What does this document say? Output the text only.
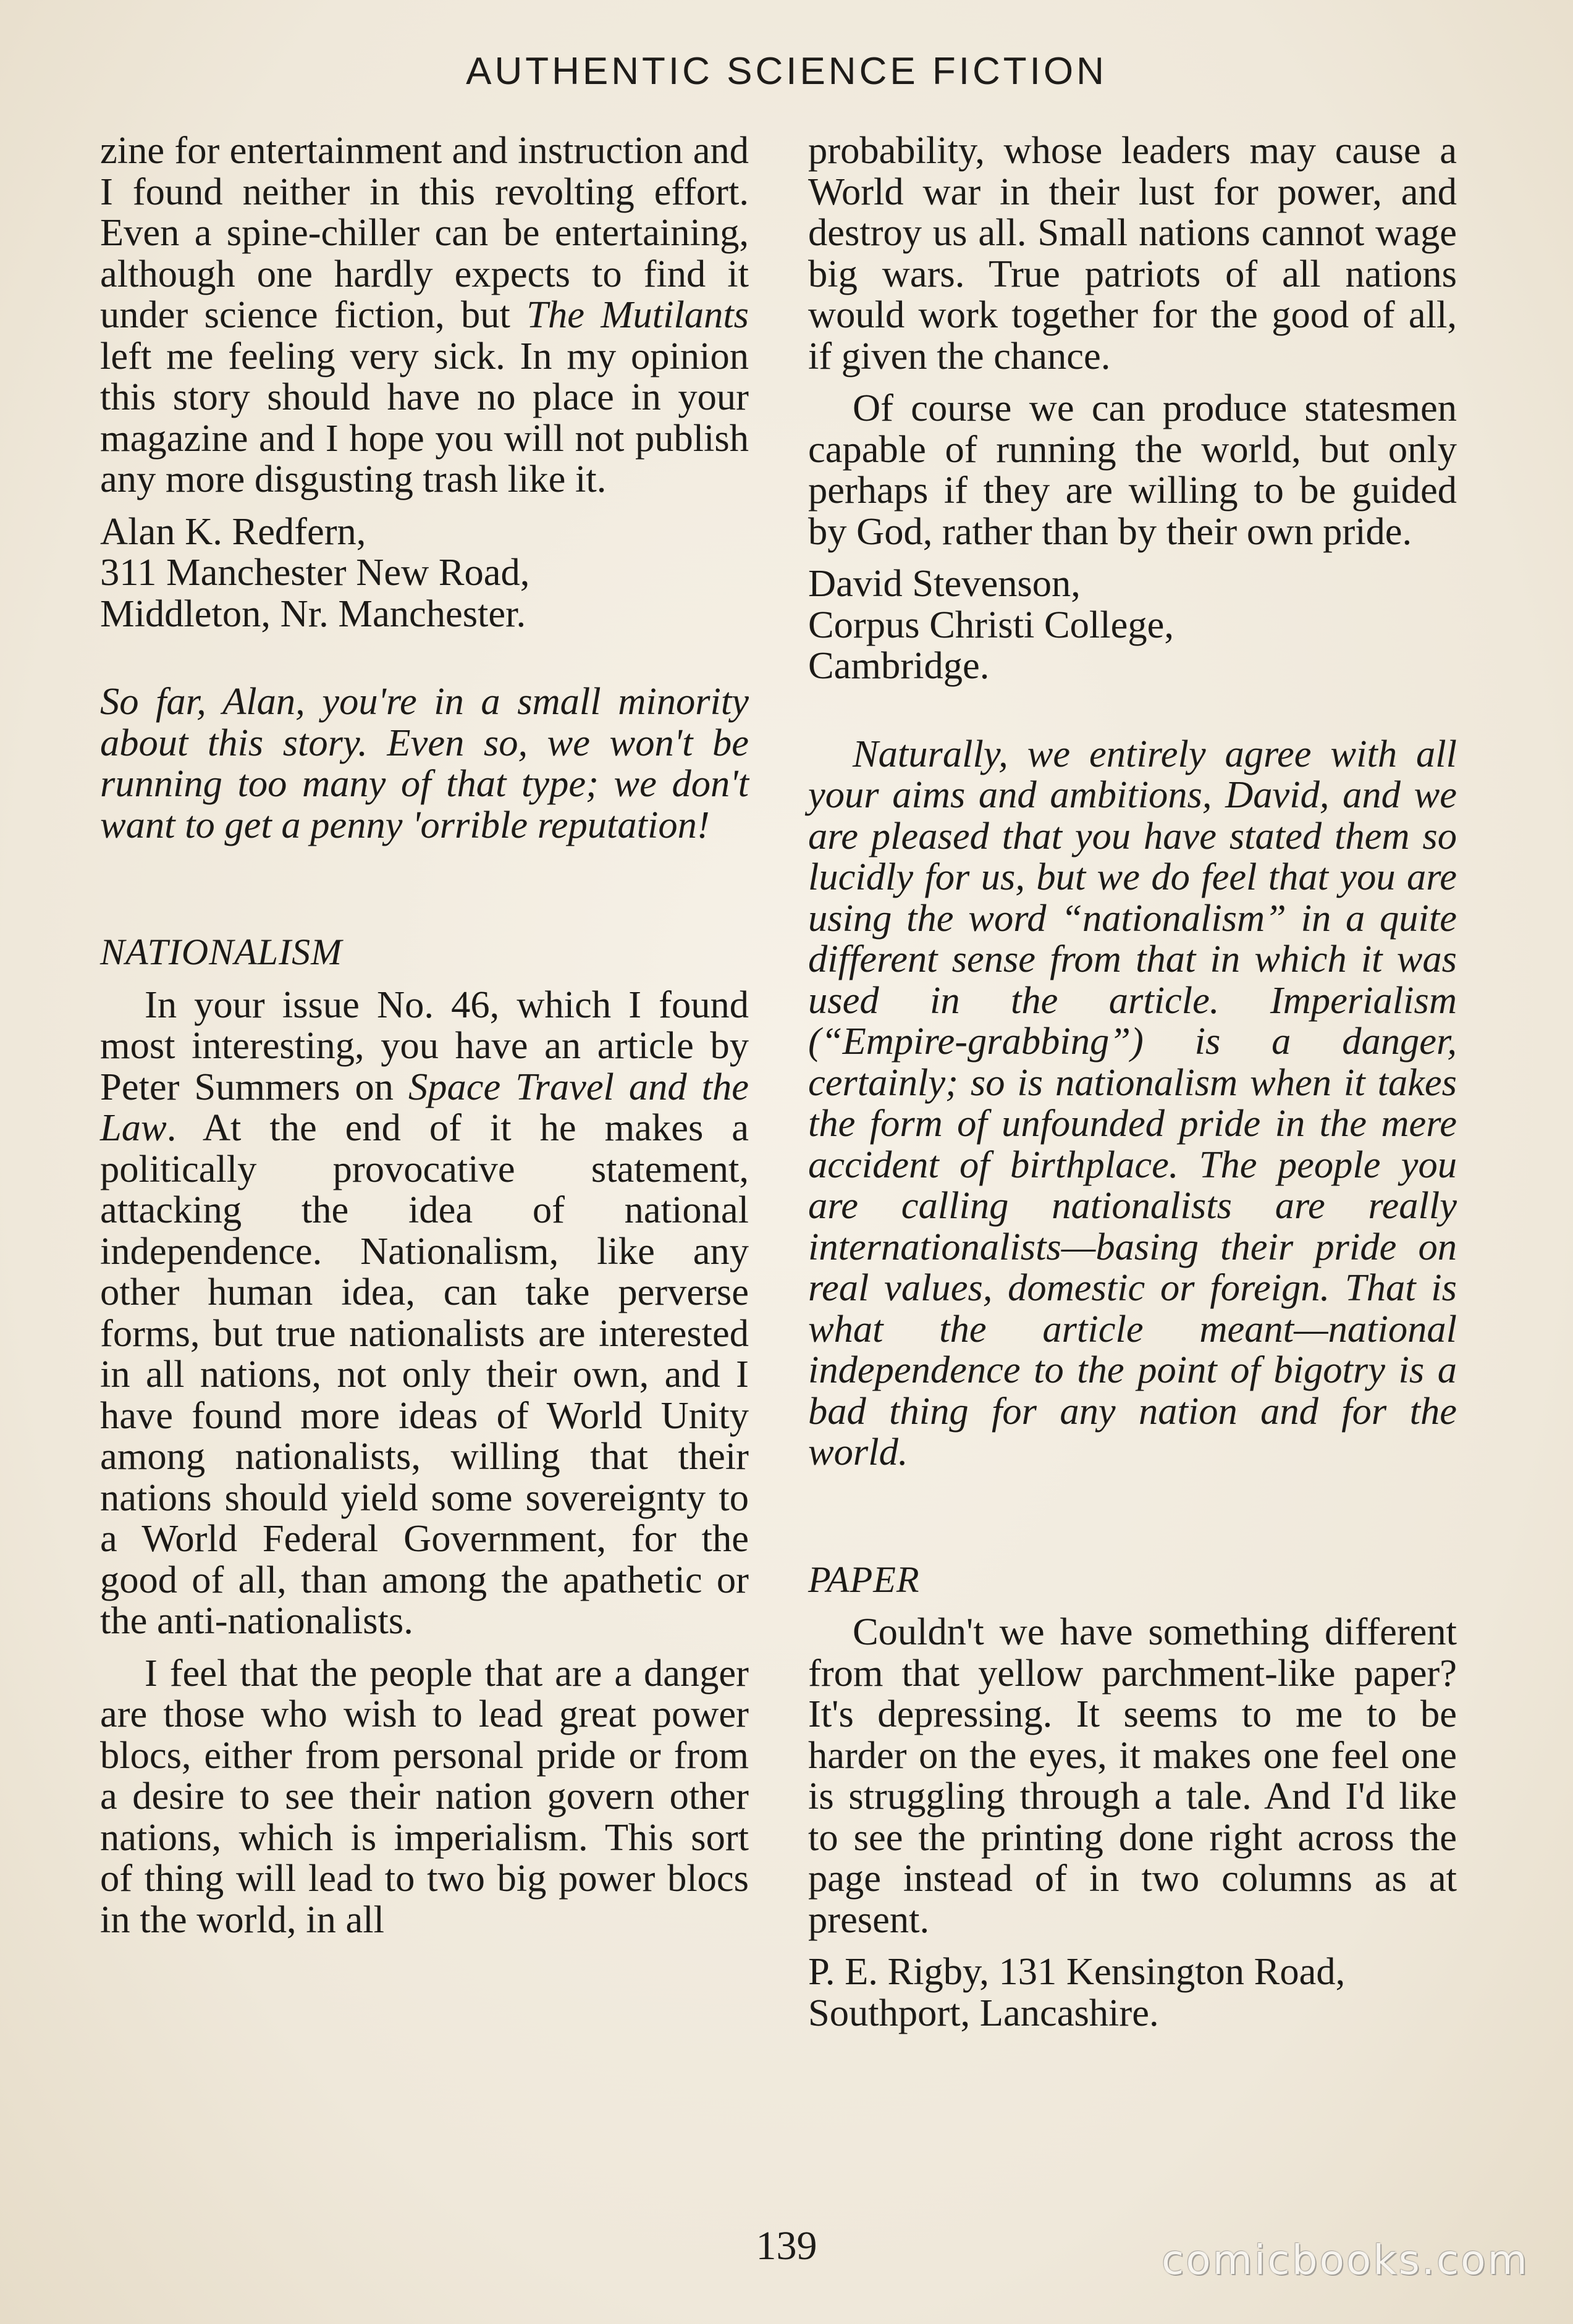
AUTHENTIC SCIENCE FICTION

zine for entertainment and instruction and I found neither in this revolting effort. Even a spine-chiller can be entertaining, although one hardly expects to find it under science fiction, but The Mutilants left me feeling very sick. In my opinion this story should have no place in your magazine and I hope you will not publish any more disgusting trash like it.

Alan K. Redfern,
311 Manchester New Road,
Middleton, Nr. Manchester.

So far, Alan, you're in a small minority about this story. Even so, we won't be running too many of that type; we don't want to get a penny 'orrible reputation!

NATIONALISM

In your issue No. 46, which I found most interesting, you have an article by Peter Summers on Space Travel and the Law. At the end of it he makes a politically provocative statement, attacking the idea of national independence. Nationalism, like any other human idea, can take perverse forms, but true nationalists are interested in all nations, not only their own, and I have found more ideas of World Unity among nationalists, willing that their nations should yield some sovereignty to a World Federal Government, for the good of all, than among the apathetic or the anti-nationalists.

I feel that the people that are a danger are those who wish to lead great power blocs, either from personal pride or from a desire to see their nation govern other nations, which is imperialism. This sort of thing will lead to two big power blocs in the world, in all

probability, whose leaders may cause a World war in their lust for power, and destroy us all. Small nations cannot wage big wars. True patriots of all nations would work together for the good of all, if given the chance.

Of course we can produce statesmen capable of running the world, but only perhaps if they are willing to be guided by God, rather than by their own pride.

David Stevenson,
Corpus Christi College,
Cambridge.

Naturally, we entirely agree with all your aims and ambitions, David, and we are pleased that you have stated them so lucidly for us, but we do feel that you are using the word “nationalism” in a quite different sense from that in which it was used in the article. Imperialism (“Empire-grabbing”) is a danger, certainly; so is nationalism when it takes the form of unfounded pride in the mere accident of birthplace. The people you are calling nationalists are really internationalists—basing their pride on real values, domestic or foreign. That is what the article meant—national independence to the point of bigotry is a bad thing for any nation and for the world.

PAPER

Couldn't we have something different from that yellow parchment-like paper? It's depressing. It seems to me to be harder on the eyes, it makes one feel one is struggling through a tale. And I'd like to see the printing done right across the page instead of in two columns as at present.

P. E. Rigby, 131 Kensington Road,
Southport, Lancashire.

139	comicbooks.com
